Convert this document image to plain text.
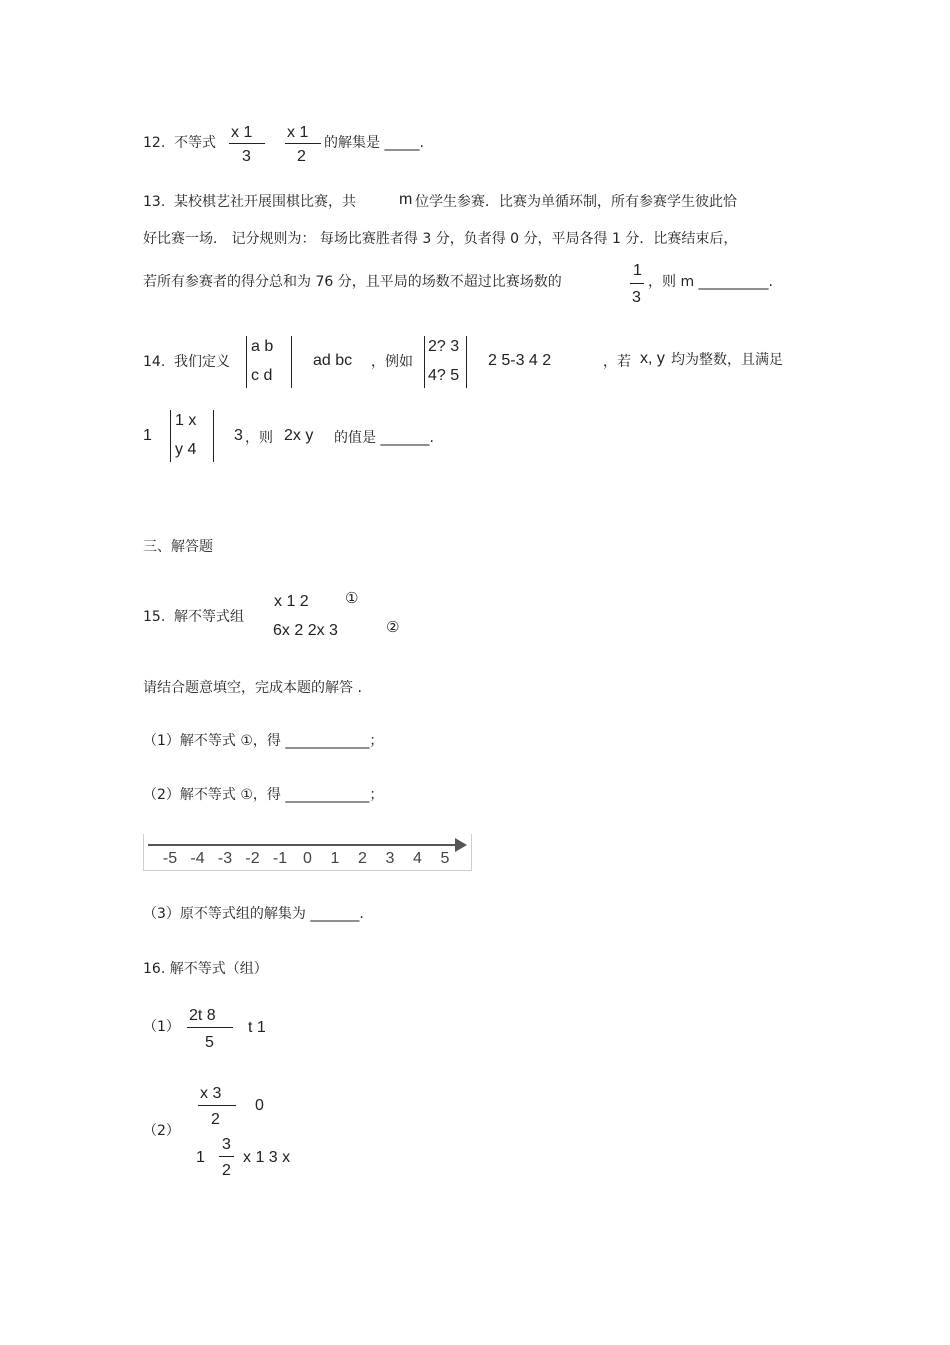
12. 不等式
x 1
3
x 1
2
的解集是 _____.
13. 某校棋艺社开展围棋比赛，共	m 位学生参赛．比赛为单循环制，所有参赛学生彼此恰
好比赛一场． 记分规则为： 每场比赛胜者得 3 分，负者得 0 分，平局各得 1 分．比赛结束后，
若所有参赛者的得分总和为 76 分，且平局的场数不超过比赛场数的
1
3
，则 m __________.
14. 我们定义
a b
c d
ad bc ，例如
2? 3
4? 5
2 5-3 4 2	，若 x, y 均为整数，且满足
1
1 x
y 4
3 ，则 2x y 的值是 _______.
三、解答题
15. 解不等式组
x 1 2 ①
6x 2 2x 3	②
请结合题意填空，完成本题的解答 .
（1）解不等式 ①，得 ____________；
（2）解不等式 ①，得 ____________；
-5 -4 -3 -2 -1 0 1 2 3 4 5
（3）原不等式组的解集为 _______.
16. 解不等式（组）
（1）
2t 8
5
t 1
（2）
x 3
2
0
1
3
2
x 1 3 x
